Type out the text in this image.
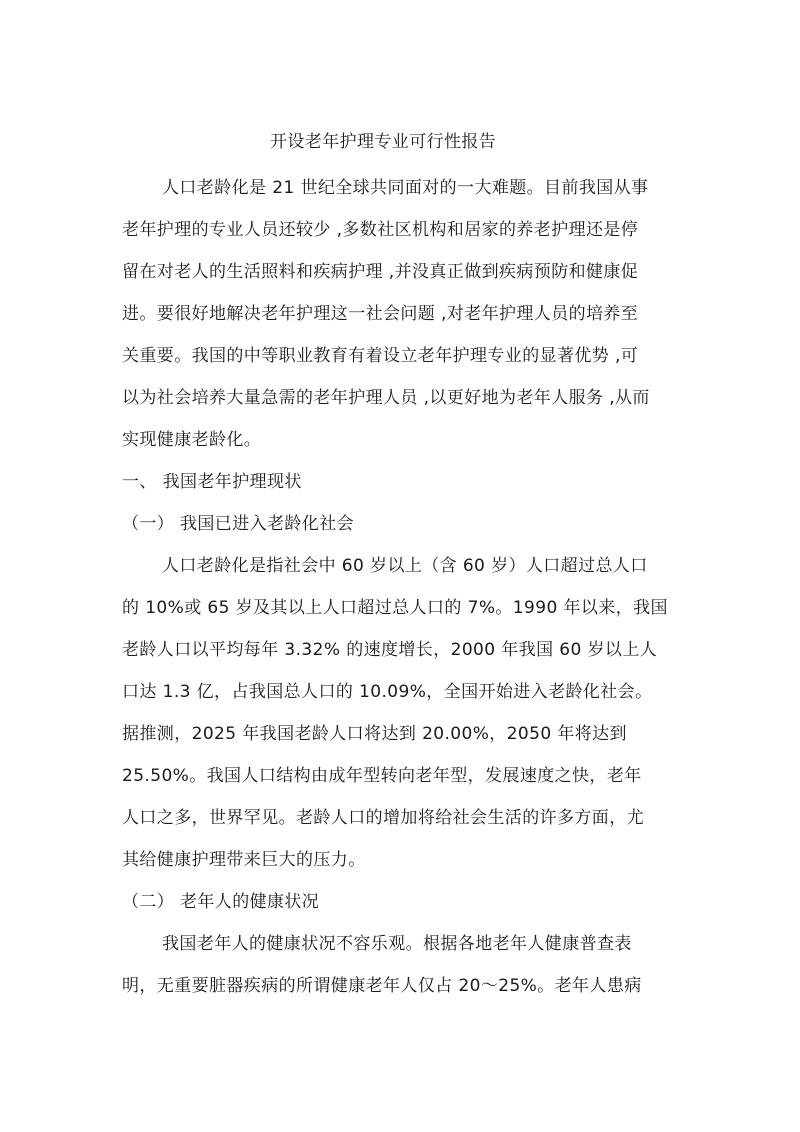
开设老年护理专业可行性报告
人口老龄化是 21 世纪全球共同面对的一大难题。目前我国从事
老年护理的专业人员还较少 ,多数社区机构和居家的养老护理还是停
留在对老人的生活照料和疾病护理 ,并没真正做到疾病预防和健康促
进。要很好地解决老年护理这一社会问题 ,对老年护理人员的培养至
关重要。我国的中等职业教育有着设立老年护理专业的显著优势 ,可
以为社会培养大量急需的老年护理人员 ,以更好地为老年人服务 ,从而
实现健康老龄化。
一、 我国老年护理现状
（一） 我国已进入老龄化社会
人口老龄化是指社会中 60 岁以上（含 60 岁）人口超过总人口
的 10%或 65 岁及其以上人口超过总人口的 7%。1990 年以来，我国
老龄人口以平均每年 3.32% 的速度增长，2000 年我国 60 岁以上人
口达 1.3 亿，占我国总人口的 10.09%，全国开始进入老龄化社会。
据推测，2025 年我国老龄人口将达到 20.00%，2050 年将达到
25.50%。我国人口结构由成年型转向老年型，发展速度之快，老年
人口之多，世界罕见。老龄人口的增加将给社会生活的许多方面，尤
其给健康护理带来巨大的压力。
（二） 老年人的健康状况
我国老年人的健康状况不容乐观。根据各地老年人健康普查表
明，无重要脏器疾病的所谓健康老年人仅占 20～25%。老年人患病
